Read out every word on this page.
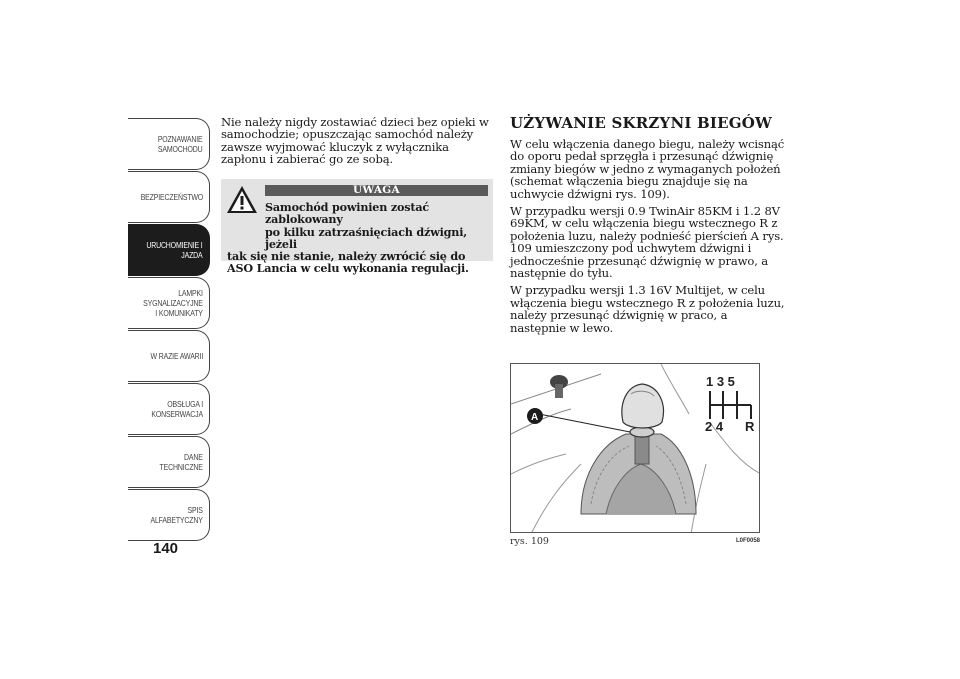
POZNAWANIE
SAMOCHODU
BEZPIECZEŃSTWO
URUCHOMIENIE I
JAZDA
LAMPKI
SYGNALIZACYJNE
I KOMUNIKATY
W RAZIE AWARII
OBSŁUGA I
KONSERWACJA
DANE
TECHNICZNE
SPIS
ALFABETYCZNY
140
Nie należy nigdy zostawiać dzieci bez opieki w samochodzie; opuszczając samochód należy zawsze wyjmować kluczyk z wyłącznika zapłonu i zabierać go ze sobą.
UWAGA
Samochód powinien zostać zablokowany
po kilku zatrzaśnięciach dźwigni, jeżeli
tak się nie stanie, należy zwrócić się do ASO Lancia w celu wykonania regulacji.
UŻYWANIE SKRZYNI BIEGÓW

W celu włączenia danego biegu, należy wcisnąć do oporu pedał sprzęgła i przesunąć dźwignię zmiany biegów w jedno z wymaganych położeń (schemat włączenia biegu znajduje się na uchwycie dźwigni rys. 109).

W przypadku wersji 0.9 TwinAir 85KM i 1.2 8V 69KM, w celu włączenia biegu wstecznego R z położenia luzu, należy podnieść pierścień A rys. 109 umieszczony pod uchwytem dźwigni i jednocześnie przesunąć dźwignię w prawo, a następnie do tyłu.

W przypadku wersji 1.3 16V Multijet, w celu włączenia biegu wstecznego R z położenia luzu, należy przesunąć dźwignię w praco, a następnie w lewo.

1 3 5
2 4 R
A
rys. 109	L0F0058
